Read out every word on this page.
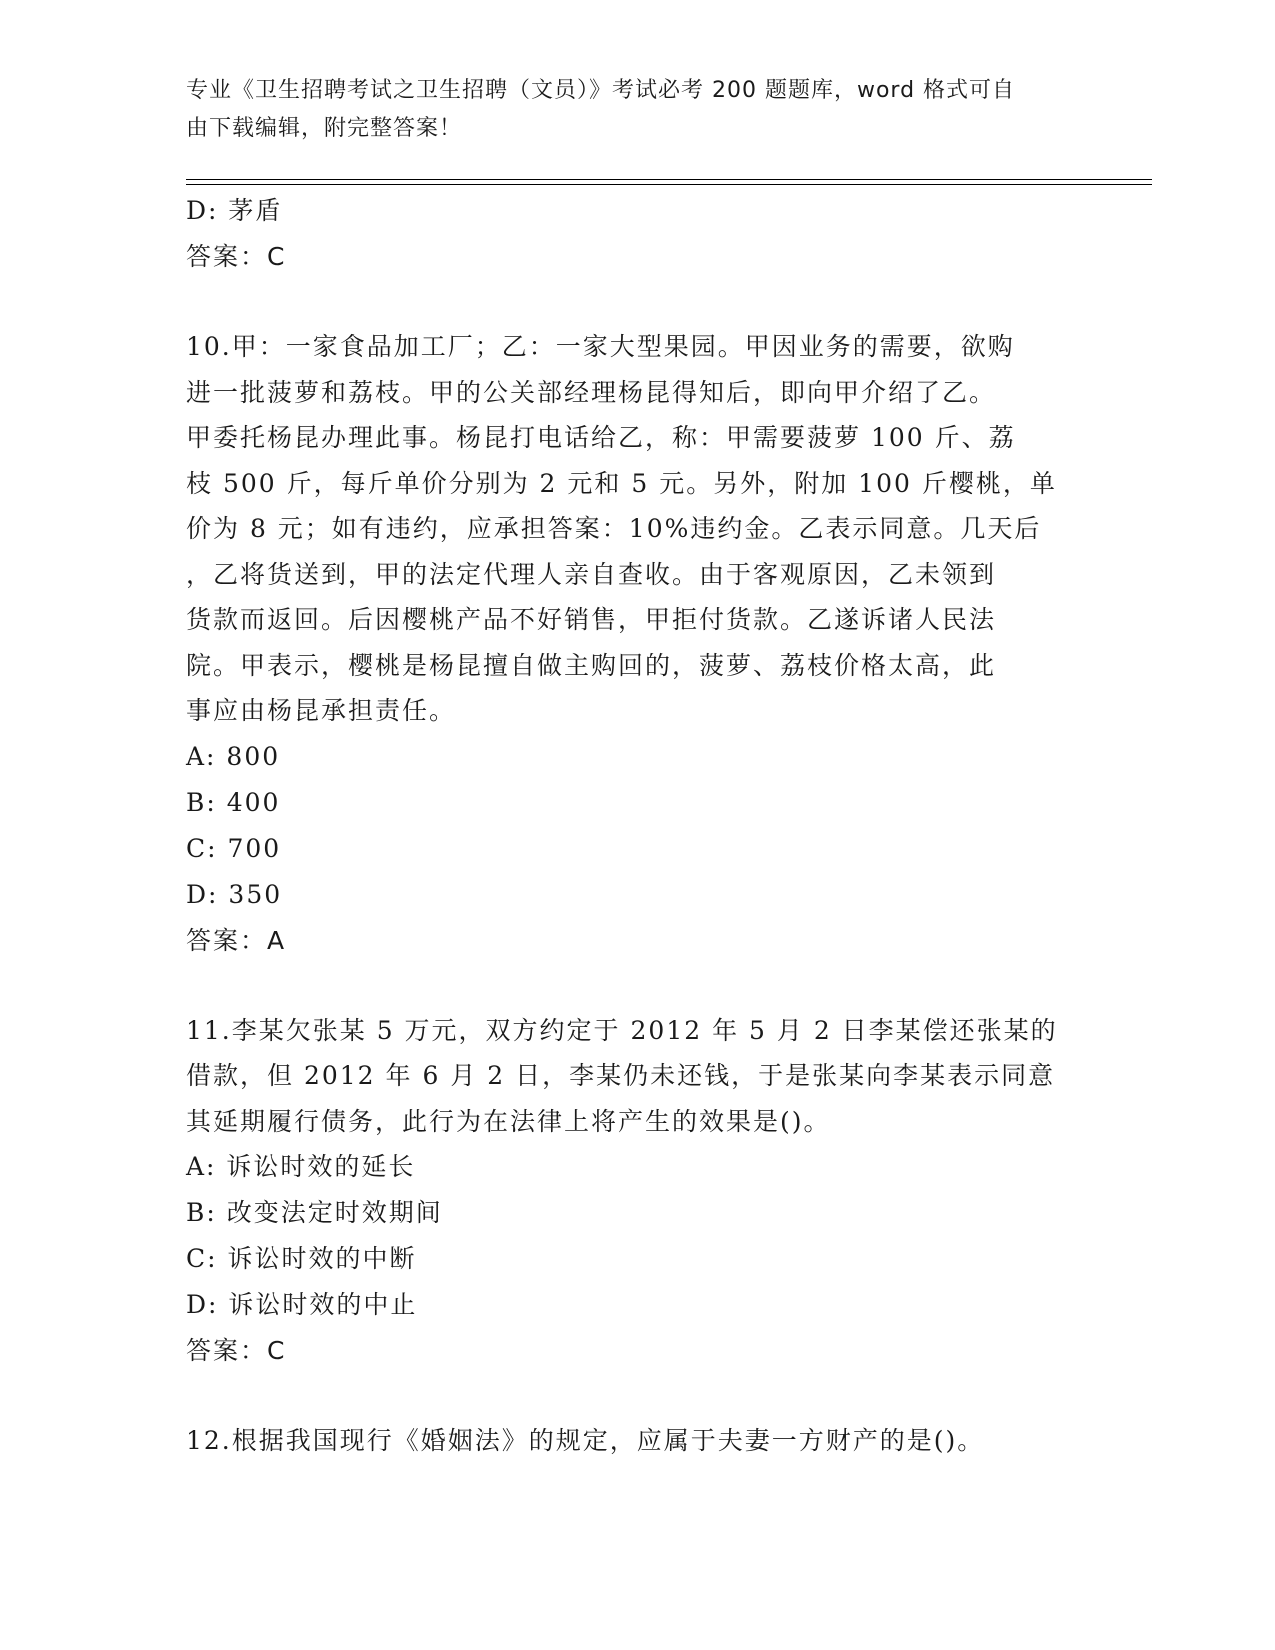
专业《卫生招聘考试之卫生招聘（文员）》考试必考 200 题题库，word 格式可自
由下载编辑，附完整答案！
D: 茅盾
答案：C
10.甲：一家食品加工厂；乙：一家大型果园。甲因业务的需要，欲购
进一批菠萝和荔枝。甲的公关部经理杨昆得知后，即向甲介绍了乙。
甲委托杨昆办理此事。杨昆打电话给乙，称：甲需要菠萝 100 斤、荔
枝 500 斤，每斤单价分别为 2 元和 5 元。另外，附加 100 斤樱桃，单
价为 8 元；如有违约，应承担答案：10%违约金。乙表示同意。几天后
，乙将货送到，甲的法定代理人亲自查收。由于客观原因，乙未领到
货款而返回。后因樱桃产品不好销售，甲拒付货款。乙遂诉诸人民法
院。甲表示，樱桃是杨昆擅自做主购回的，菠萝、荔枝价格太高，此
事应由杨昆承担责任。
A: 800
B: 400
C: 700
D: 350
答案：A
11.李某欠张某 5 万元，双方约定于 2012 年 5 月 2 日李某偿还张某的
借款，但 2012 年 6 月 2 日，李某仍未还钱，于是张某向李某表示同意
其延期履行债务，此行为在法律上将产生的效果是()。
A: 诉讼时效的延长
B: 改变法定时效期间
C: 诉讼时效的中断
D: 诉讼时效的中止
答案：C
12.根据我国现行《婚姻法》的规定，应属于夫妻一方财产的是()。
